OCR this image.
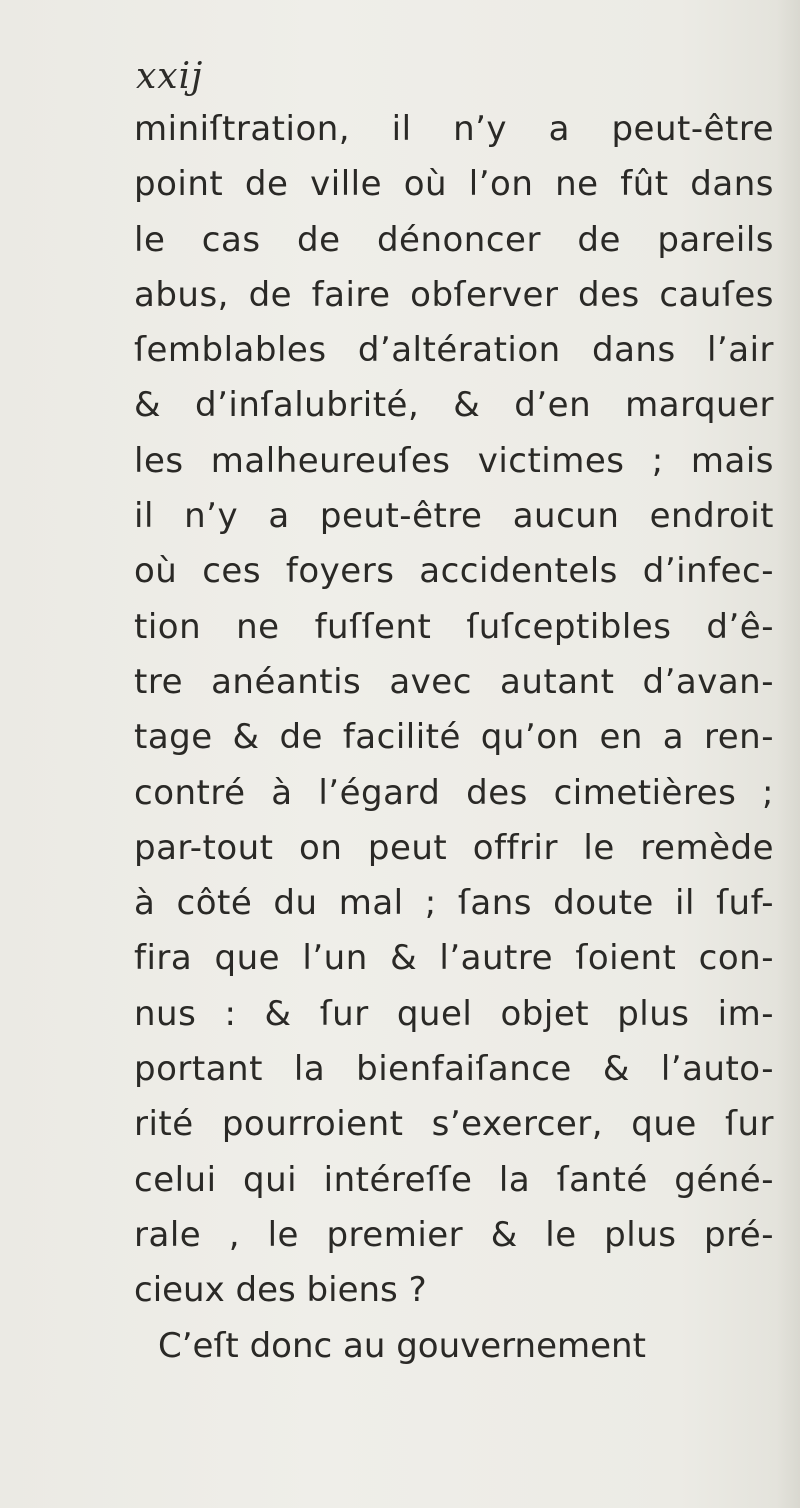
xxij
miniſtration, il n’y a peut-être
point de ville où l’on ne fût dans
le cas de dénoncer de pareils
abus, de faire obſerver des cauſes
ſemblables d’altération dans l’air
& d’inſalubrité, & d’en marquer
les malheureuſes victimes ; mais
il n’y a peut-être aucun endroit
où ces foyers accidentels d’infec-
tion ne fuſſent ſuſceptibles d’ê-
tre anéantis avec autant d’avan-
tage & de facilité qu’on en a ren-
contré à l’égard des cimetières ;
par-tout on peut offrir le remède
à côté du mal ; ſans doute il ſuf-
fira que l’un & l’autre ſoient con-
nus : & ſur quel objet plus im-
portant la bienfaiſance & l’auto-
rité pourroient s’exercer, que ſur
celui qui intéreſſe la ſanté géné-
rale , le premier & le plus pré-
cieux des biens ?
C’eſt donc au gouvernement
